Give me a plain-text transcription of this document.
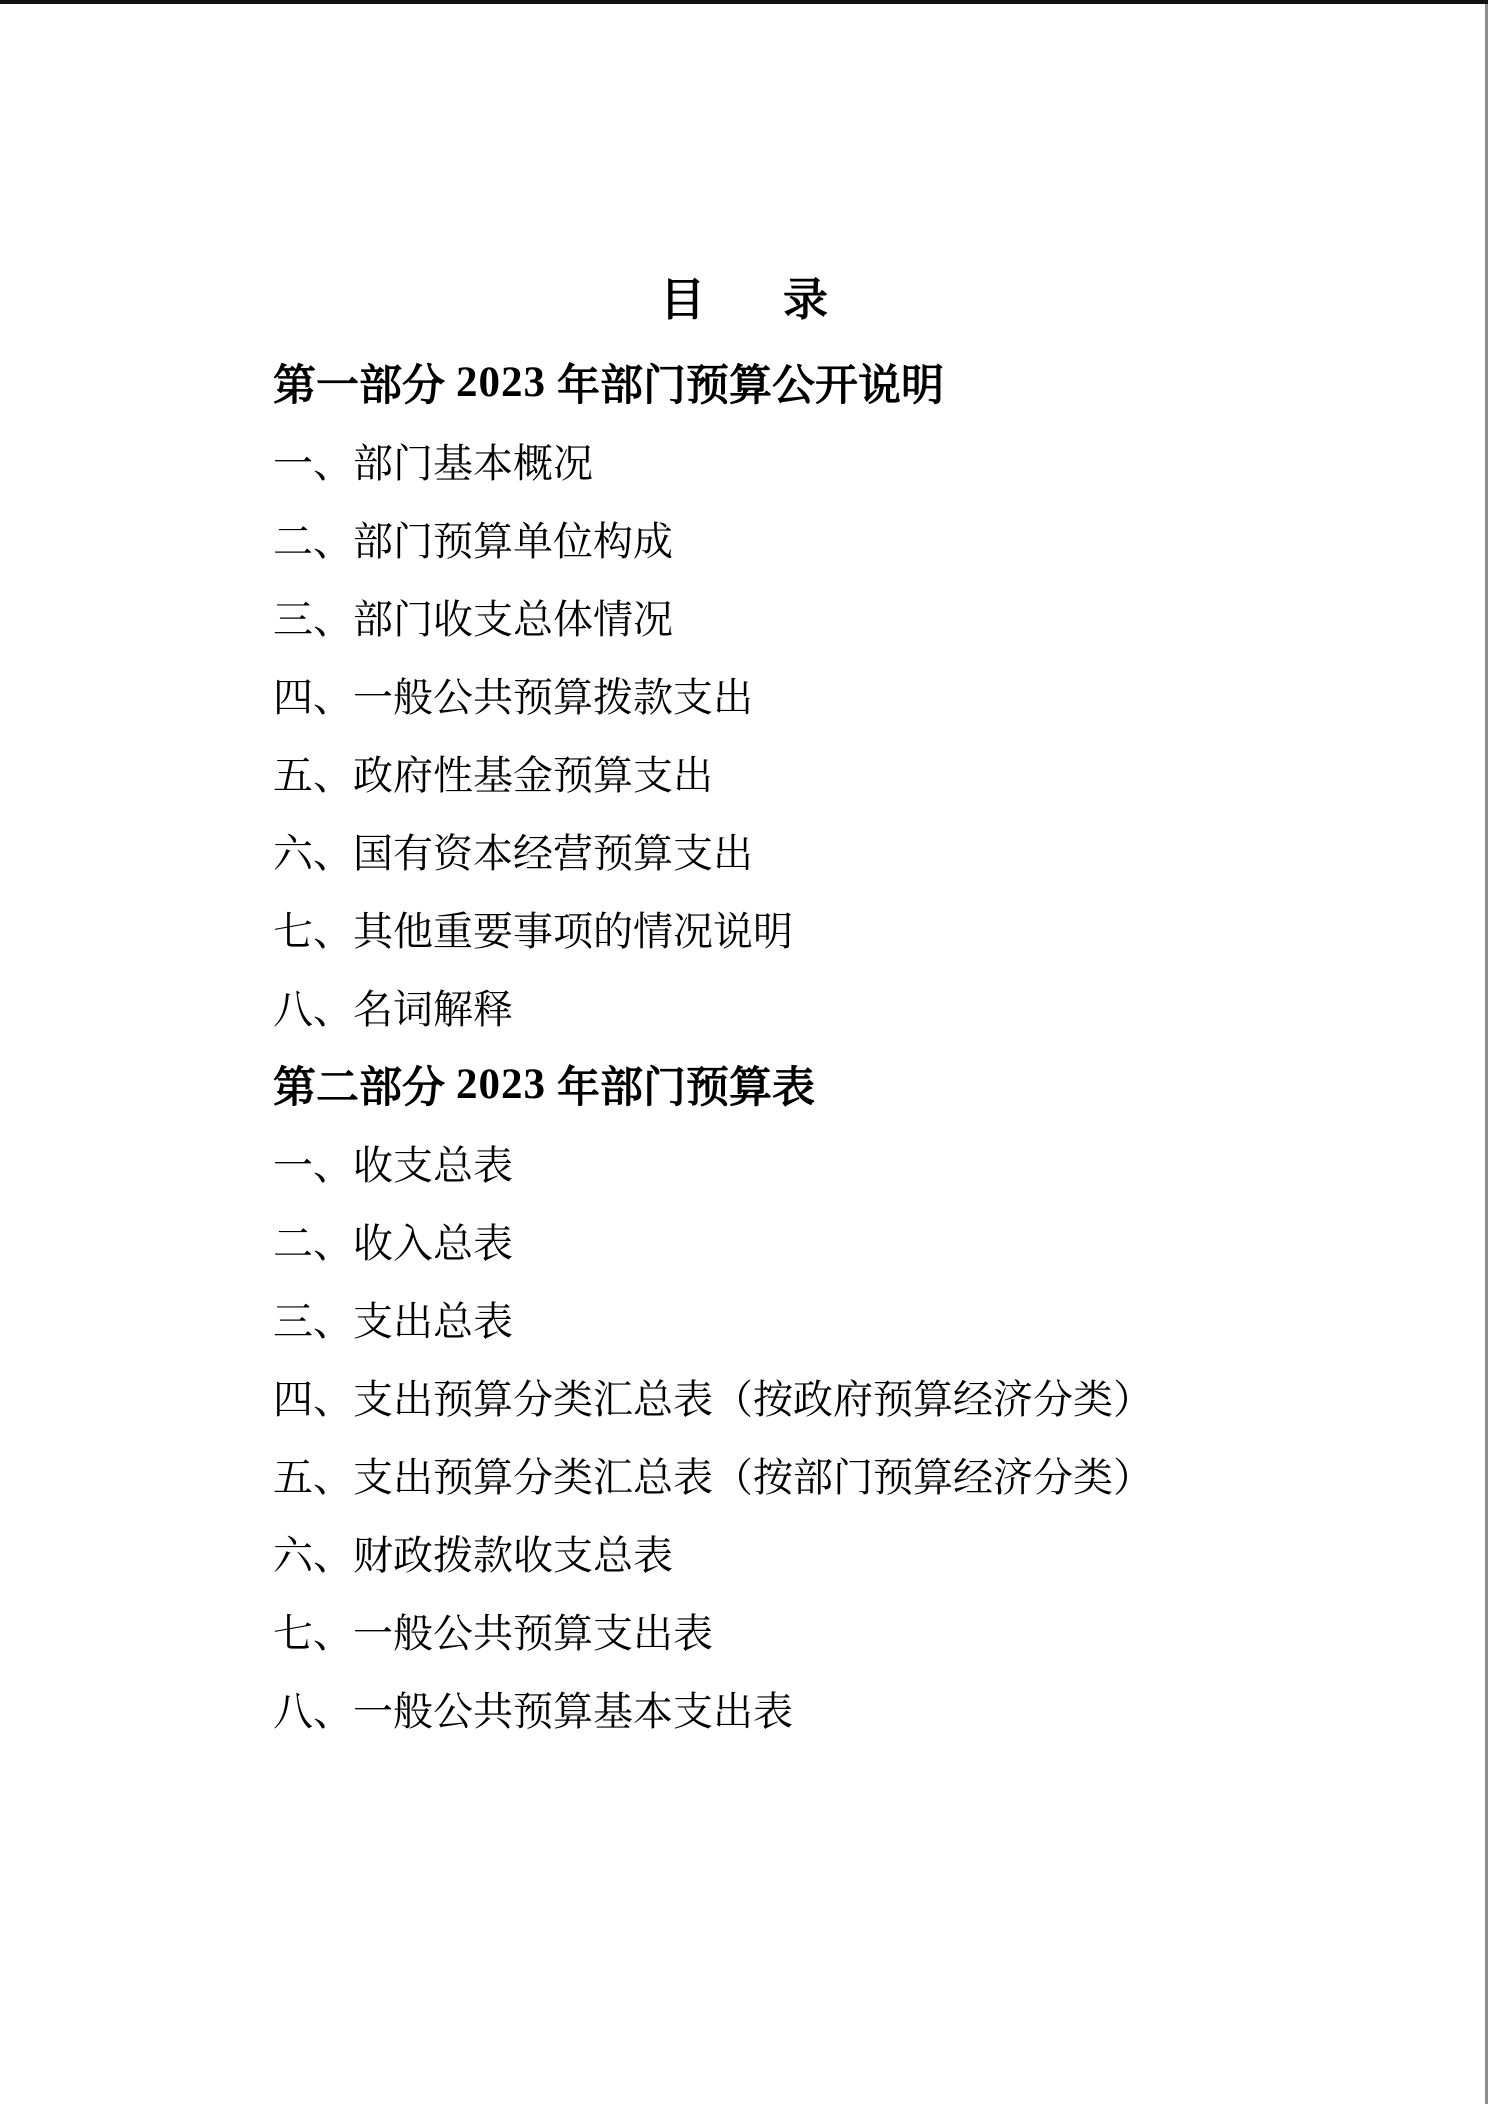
目 录
第一部分 2023 年部门预算公开说明
一、部门基本概况
二、部门预算单位构成
三、部门收支总体情况
四、一般公共预算拨款支出
五、政府性基金预算支出
六、国有资本经营预算支出
七、其他重要事项的情况说明
八、名词解释
第二部分 2023 年部门预算表
一、收支总表
二、收入总表
三、支出总表
四、支出预算分类汇总表（按政府预算经济分类）
五、支出预算分类汇总表（按部门预算经济分类）
六、财政拨款收支总表
七、一般公共预算支出表
八、一般公共预算基本支出表
